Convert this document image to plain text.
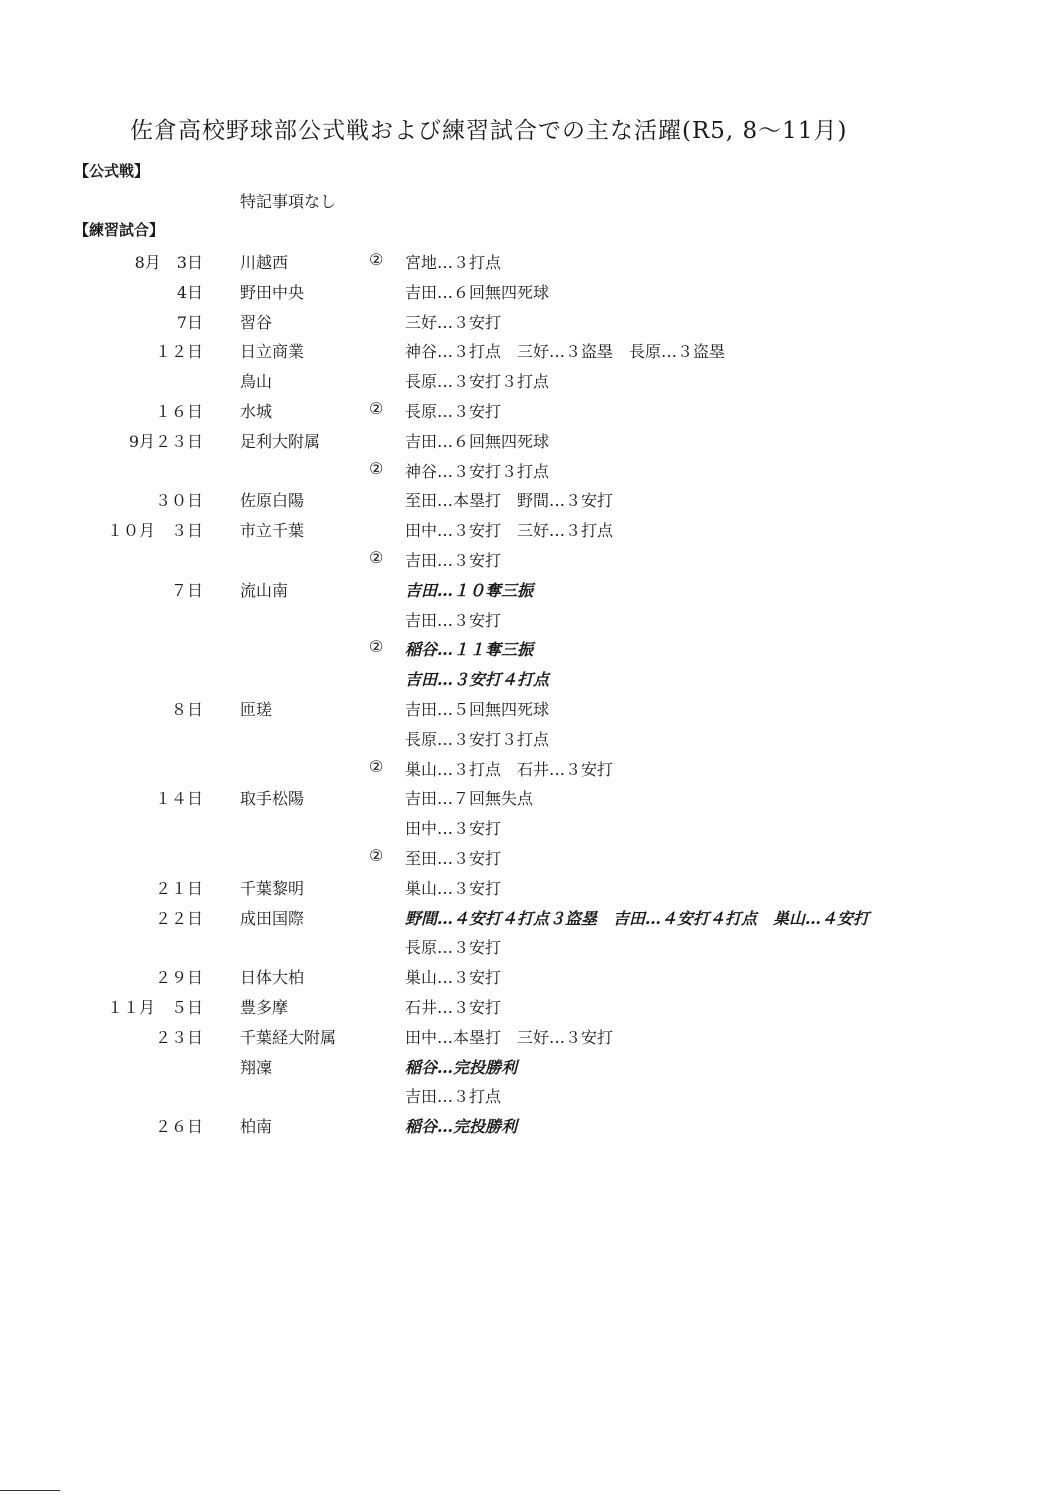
佐倉高校野球部公式戦および練習試合での主な活躍(R5, 8～11月)
【公式戦】
特記事項なし
【練習試合】
8月　3日 川越西	② 宮地…３打点
4日 野田中央	吉田…６回無四死球
7日 習谷	三好…３安打
１２日 日立商業	神谷…３打点　三好…３盗塁　長原…３盗塁
鳥山	長原…３安打３打点
１６日 水城	② 長原…３安打
9月２３日 足利大附属	吉田…６回無四死球
② 神谷…３安打３打点
３０日 佐原白陽	至田…本塁打　野間…３安打
１０月　３日 市立千葉	田中…３安打　三好…３打点
② 吉田…３安打
７日 流山南	吉田…１０奪三振
吉田…３安打
② 稲谷…１１奪三振
吉田…３安打４打点
８日 匝瑳	吉田…５回無四死球
長原…３安打３打点
② 巣山…３打点　石井…３安打
１４日 取手松陽	吉田…７回無失点
田中…３安打
② 至田…３安打
２１日 千葉黎明	巣山…３安打
２２日 成田国際	野間…４安打４打点３盗塁　吉田…４安打４打点　巣山…４安打
長原…３安打
２９日 日体大柏	巣山…３安打
１１月　５日 豊多摩	石井…３安打
２３日 千葉経大附属	田中…本塁打　三好…３安打
翔凜	稲谷…完投勝利
吉田…３打点
２６日 柏南	稲谷…完投勝利
